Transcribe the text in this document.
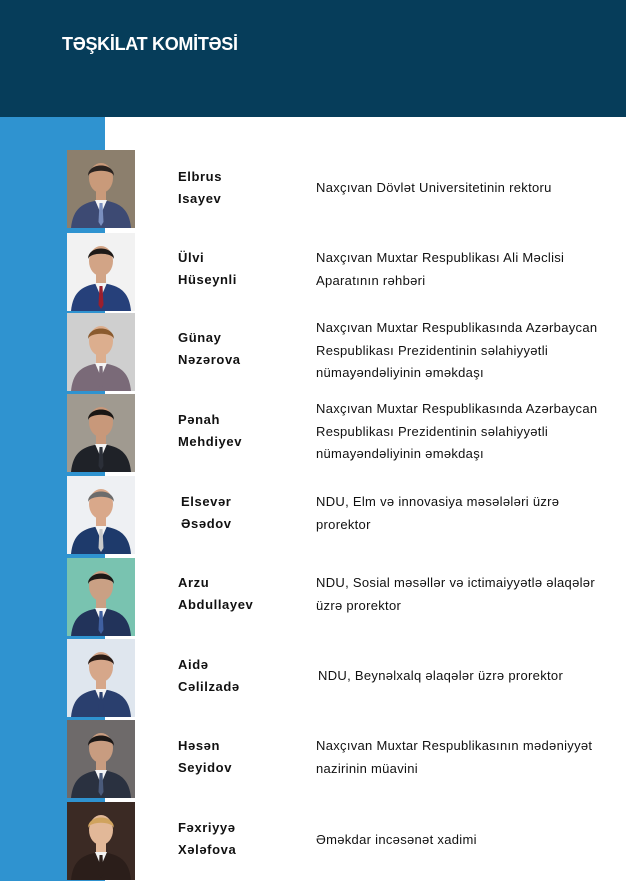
TƏŞKİLAT KOMİTƏSİ
Elbrus
Isayev
Naxçıvan Dövlət Universitetinin rektoru
Ülvi
Hüseynli
Naxçıvan Muxtar Respublikası Ali Məclisi Aparatının rəhbəri
Günay
Nəzərova
Naxçıvan Muxtar Respublikasında Azərbaycan Respublikası Prezidentinin səlahiyyətli nümayəndəliyinin əməkdaşı
Pənah
Mehdiyev
Naxçıvan Muxtar Respublikasında Azərbaycan Respublikası Prezidentinin səlahiyyətli nümayəndəliyinin əməkdaşı
Elsevər
Əsədov
NDU, Elm və innovasiya məsələləri üzrə prorektor
Arzu
Abdullayev
NDU, Sosial məsəllər və ictimaiyyətlə əlaqələr üzrə prorektor
Aidə
Cəlilzadə
NDU, Beynəlxalq əlaqələr üzrə prorektor
Həsən
Seyidov
Naxçıvan Muxtar Respublikasının mədəniyyət nazirinin müavini
Fəxriyyə
Xələfova
Əməkdar incəsənət xadimi
